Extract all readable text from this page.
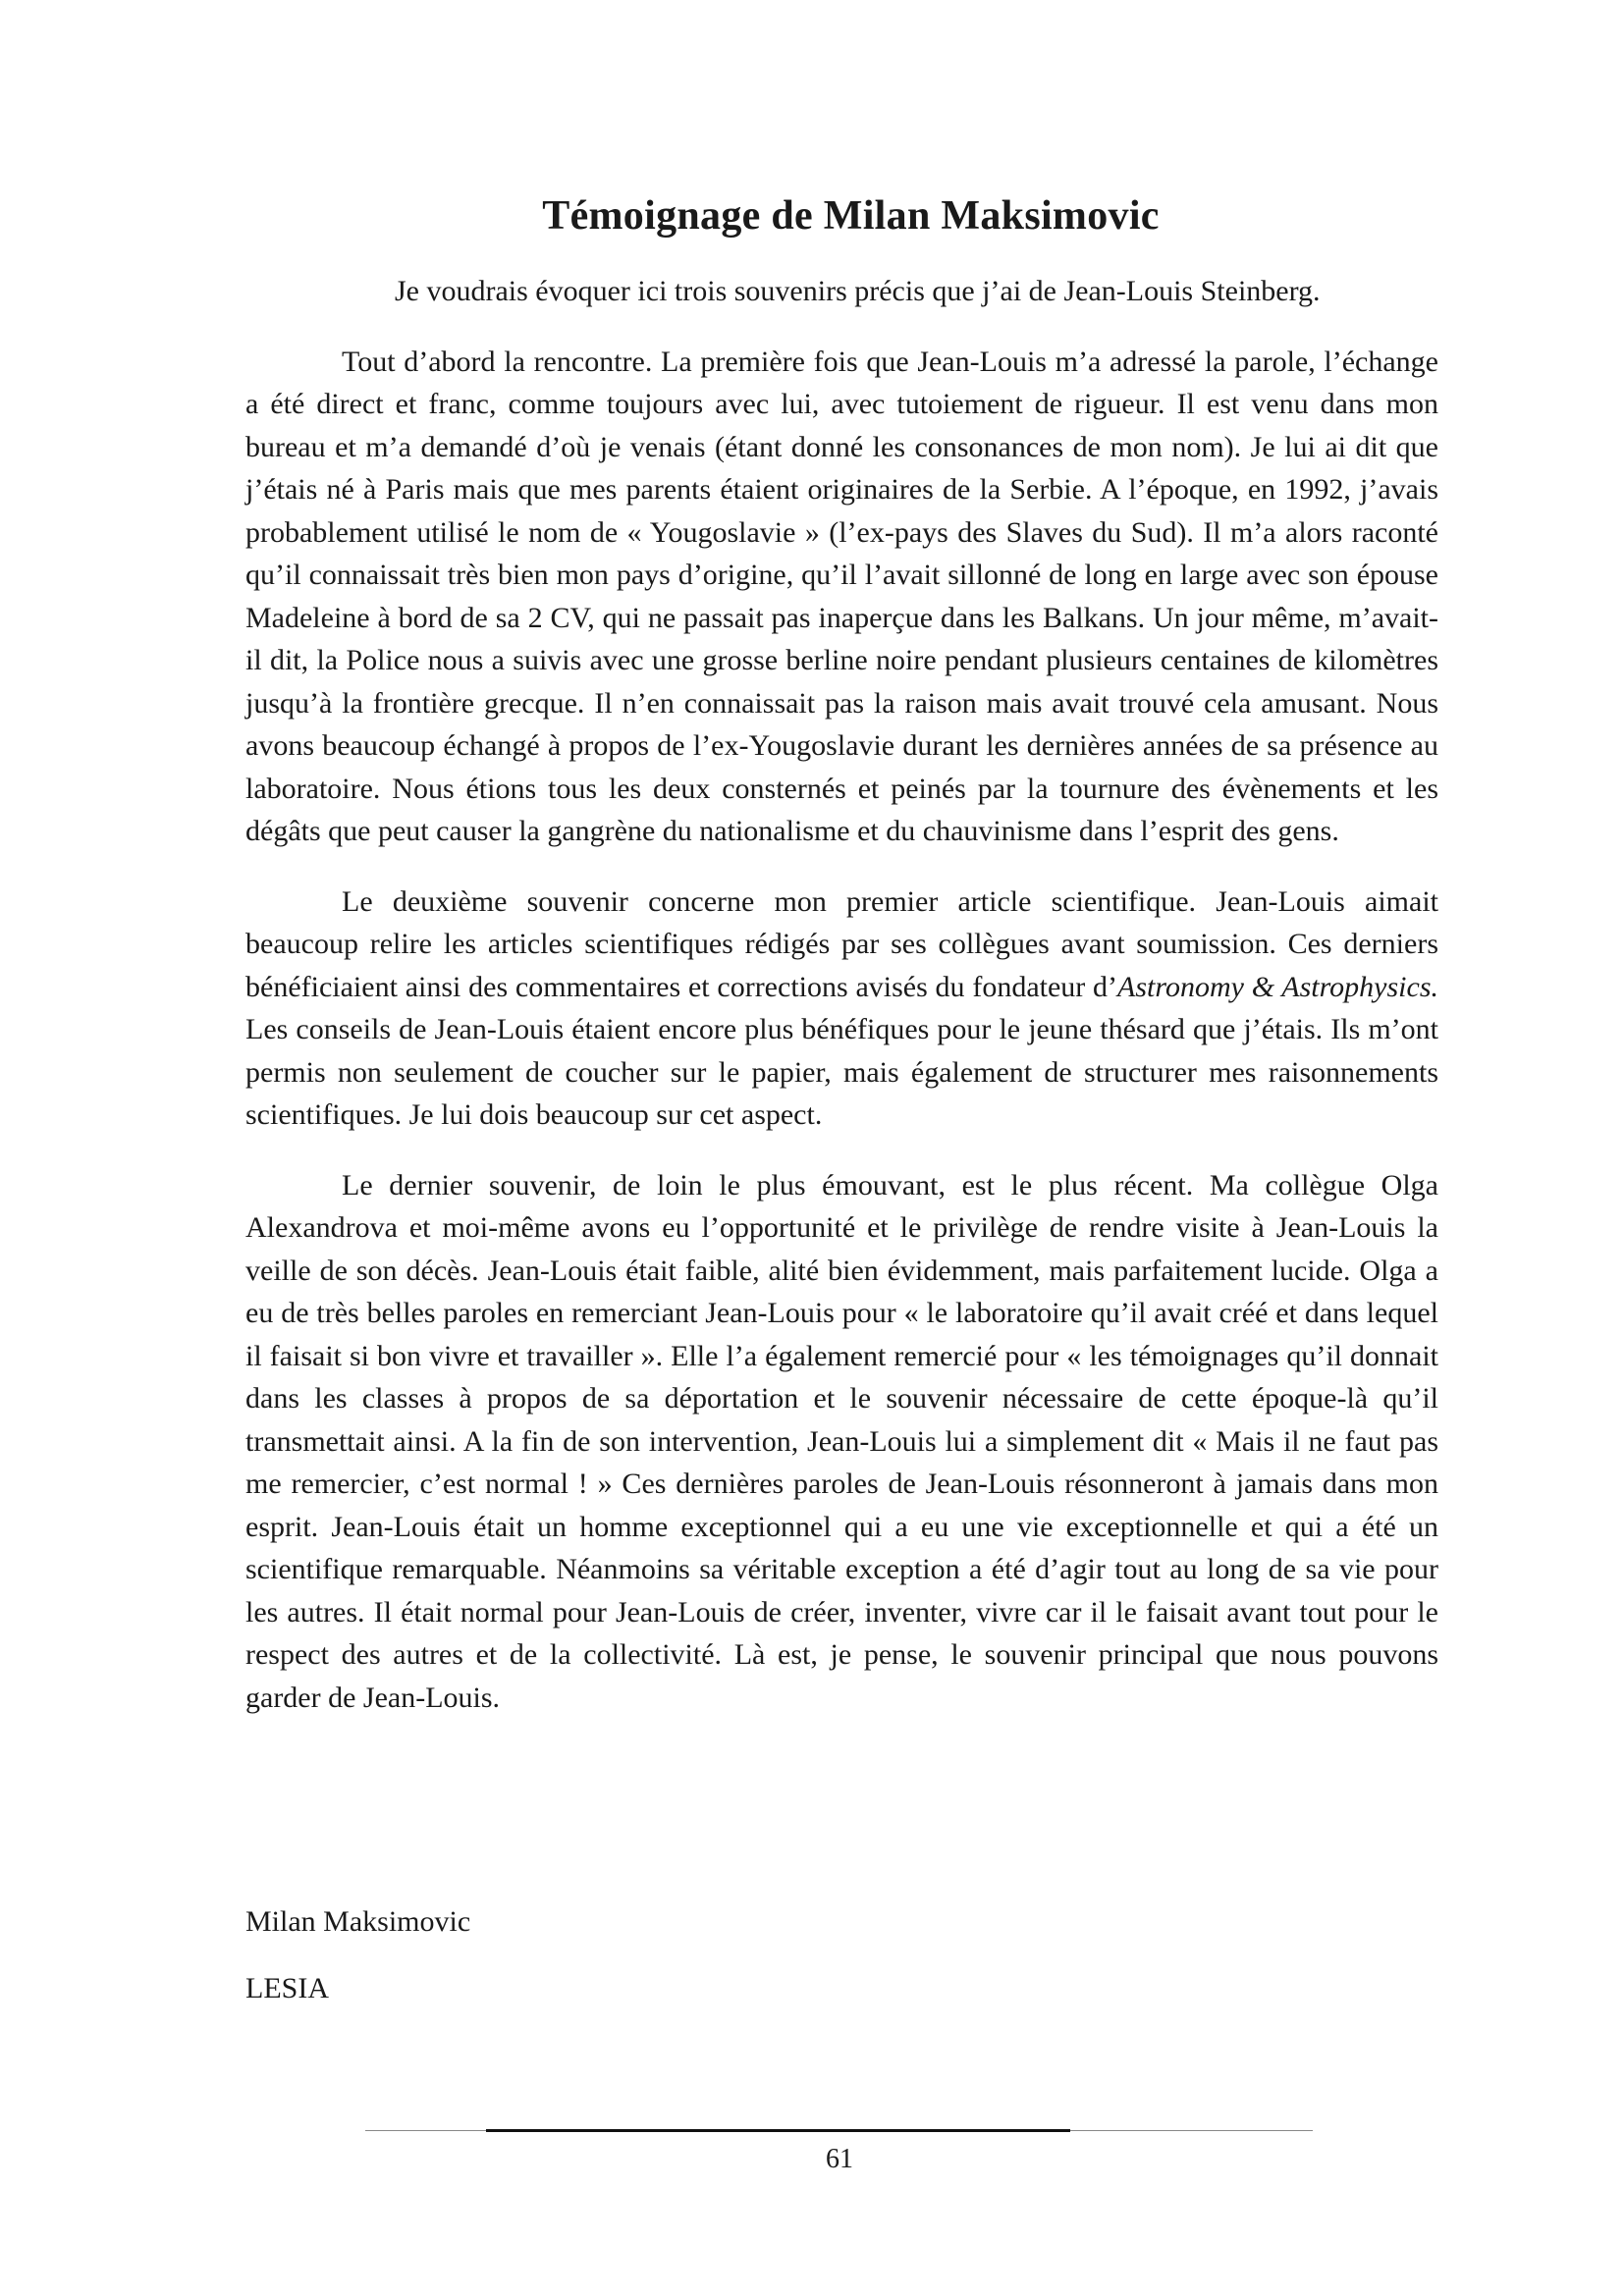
Témoignage de Milan Maksimovic

Je voudrais évoquer ici trois souvenirs précis que j’ai de Jean-Louis Steinberg.

Tout d’abord la rencontre. La première fois que Jean-Louis m’a adressé la parole, l’échange a été direct et franc, comme toujours avec lui, avec tutoiement de rigueur. Il est venu dans mon bureau et m’a demandé d’où je venais (étant donné les consonances de mon nom). Je lui ai dit que j’étais né à Paris mais que mes parents étaient originaires de la Serbie. A l’époque, en 1992, j’avais probablement utilisé le nom de « Yougoslavie » (l’ex-pays des Slaves du Sud). Il m’a alors raconté qu’il connaissait très bien mon pays d’origine, qu’il l’avait sillonné de long en large avec son épouse Madeleine à bord de sa 2 CV, qui ne passait pas inaperçue dans les Balkans. Un jour même, m’avait-il dit, la Police nous a suivis avec une grosse berline noire pendant plusieurs centaines de kilomètres jusqu’à la frontière grecque. Il n’en connaissait pas la raison mais avait trouvé cela amusant. Nous avons beaucoup échangé à propos de l’ex-Yougoslavie durant les dernières années de sa présence au laboratoire. Nous étions tous les deux consternés et peinés par la tournure des évènements et les dégâts que peut causer la gangrène du nationalisme et du chauvinisme dans l’esprit des gens.

Le deuxième souvenir concerne mon premier article scientifique. Jean-Louis aimait beaucoup relire les articles scientifiques rédigés par ses collègues avant soumission. Ces derniers bénéficiaient ainsi des commentaires et corrections avisés du fondateur d’Astronomy & Astrophysics. Les conseils de Jean-Louis étaient encore plus bénéfiques pour le jeune thésard que j’étais. Ils m’ont permis non seulement de coucher sur le papier, mais également de structurer mes raisonnements scientifiques. Je lui dois beaucoup sur cet aspect.

Le dernier souvenir, de loin le plus émouvant, est le plus récent. Ma collègue Olga Alexandrova et moi-même avons eu l’opportunité et le privilège de rendre visite à Jean-Louis la veille de son décès. Jean-Louis était faible, alité bien évidemment, mais parfaitement lucide. Olga a eu de très belles paroles en remerciant Jean-Louis pour « le laboratoire qu’il avait créé et dans lequel il faisait si bon vivre et travailler ». Elle l’a également remercié pour « les témoignages qu’il donnait dans les classes à propos de sa déportation et le souvenir nécessaire de cette époque-là qu’il transmettait ainsi. A la fin de son intervention, Jean-Louis lui a simplement dit « Mais il ne faut pas me remercier, c’est normal ! » Ces dernières paroles de Jean-Louis résonneront à jamais dans mon esprit. Jean-Louis était un homme exceptionnel qui a eu une vie exceptionnelle et qui a été un scientifique remarquable. Néanmoins sa véritable exception a été d’agir tout au long de sa vie pour les autres. Il était normal pour Jean-Louis de créer, inventer, vivre car il le faisait avant tout pour le respect des autres et de la collectivité. Là est, je pense, le souvenir principal que nous pouvons garder de Jean-Louis.

Milan Maksimovic

LESIA

61
